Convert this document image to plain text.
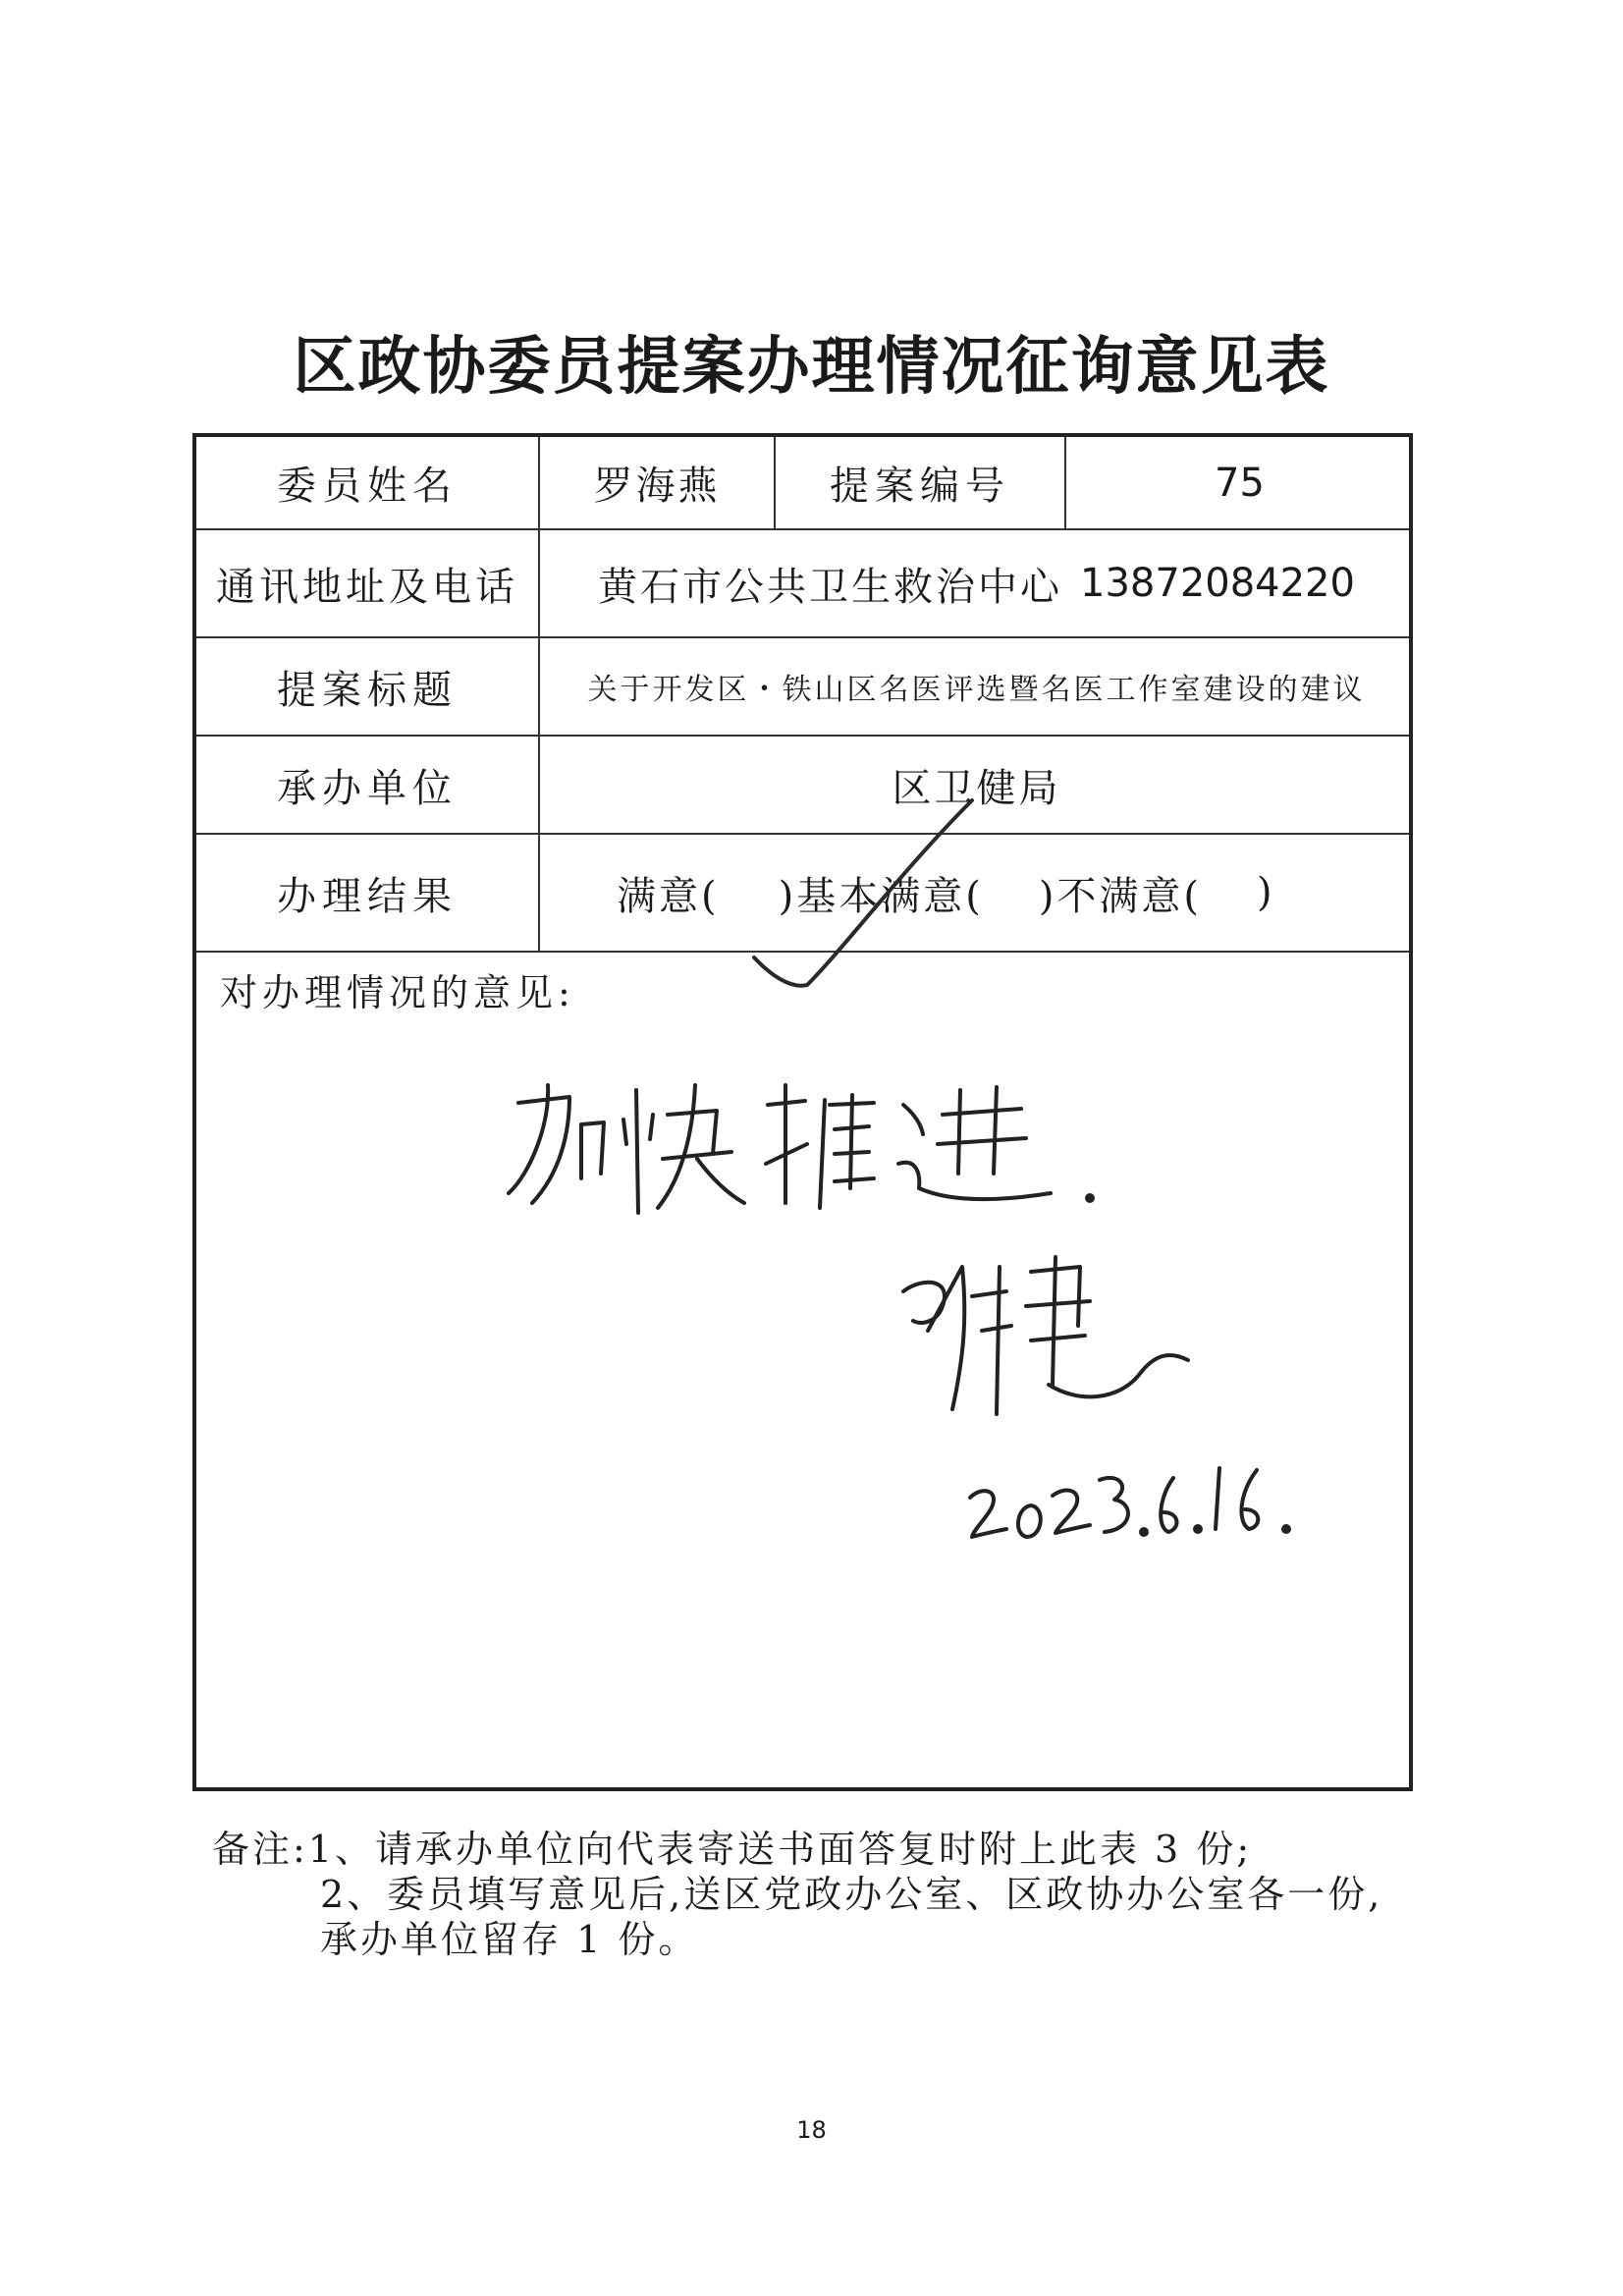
区政协委员提案办理情况征询意见表
委员姓名	罗海燕	提案编号	75
通讯地址及电话	黄石市公共卫生救治中心 13872084220
提案标题	关于开发区・铁山区名医评选暨名医工作室建设的建议
承办单位	区卫健局
办理结果	满意( )基本满意( )不满意( )
对办理情况的意见:
备注:1、请承办单位向代表寄送书面答复时附上此表 3 份;
2、委员填写意见后,送区党政办公室、区政协办公室各一份,
承办单位留存 1 份。
18
